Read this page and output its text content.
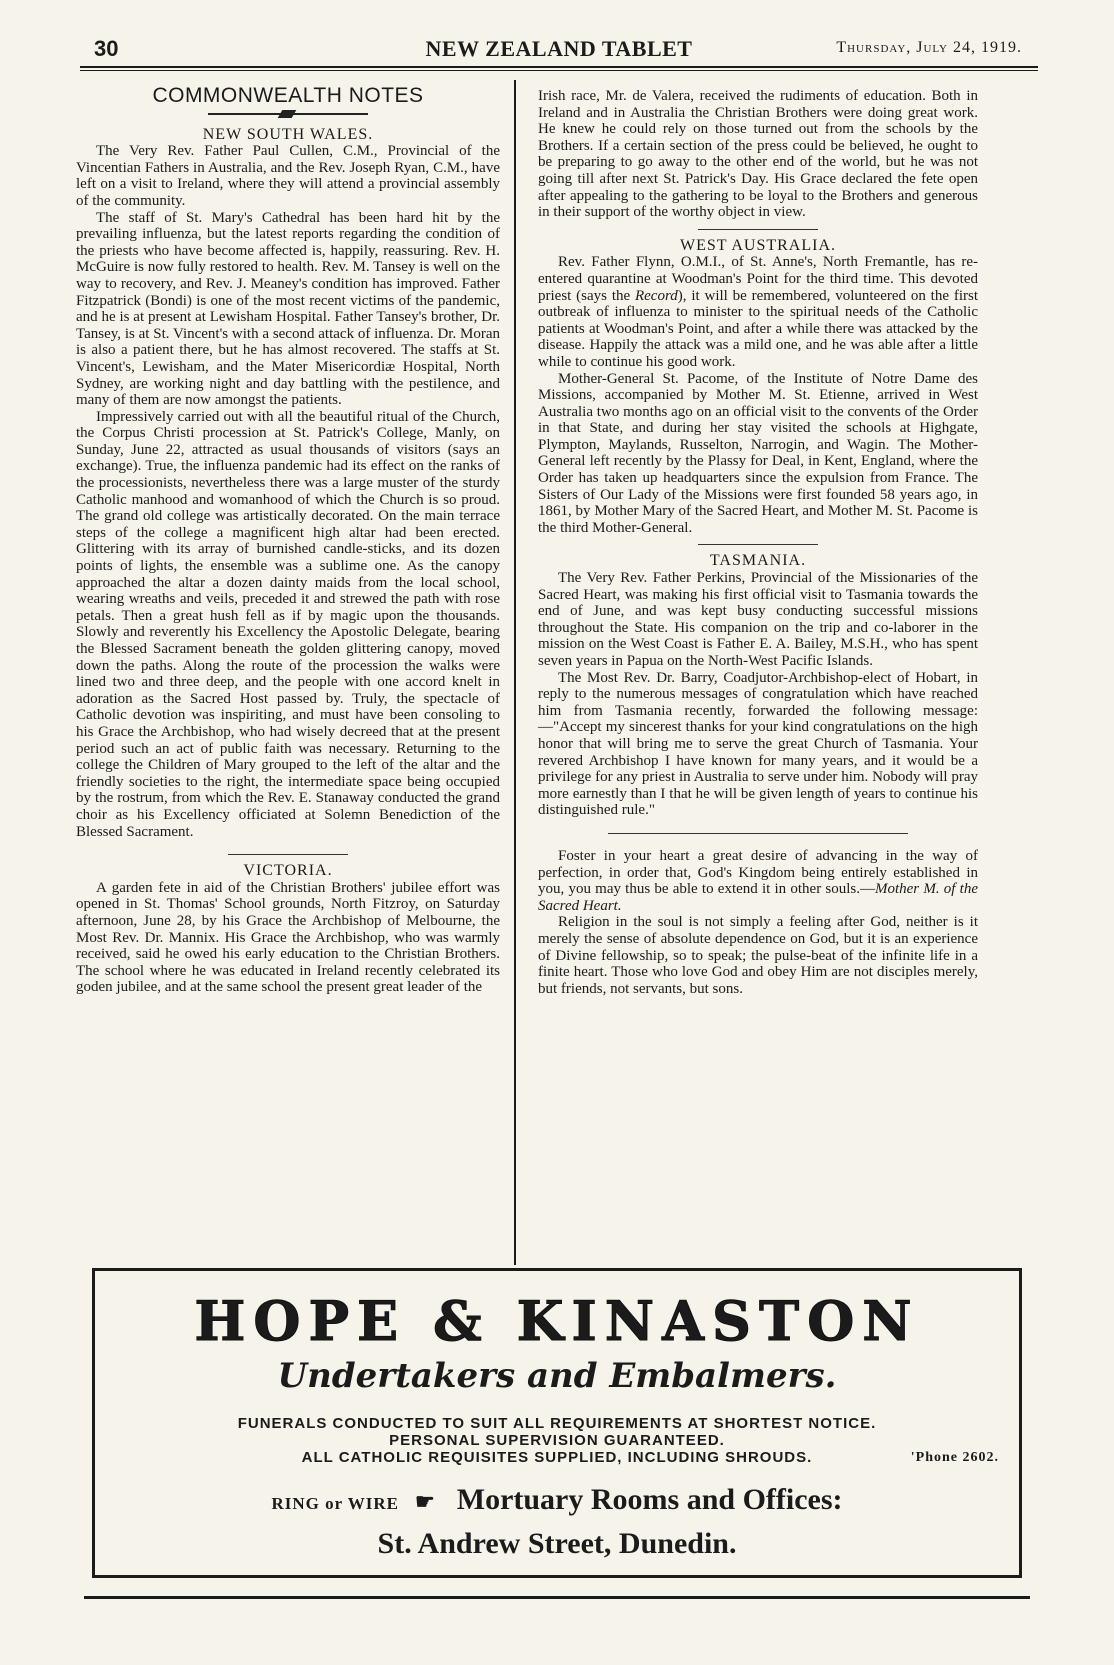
30	NEW ZEALAND TABLET	Thursday, July 24, 1919.
COMMONWEALTH NOTES
NEW SOUTH WALES.

The Very Rev. Father Paul Cullen, C.M., Provincial of the Vincentian Fathers in Australia, and the Rev. Joseph Ryan, C.M., have left on a visit to Ireland, where they will attend a provincial assembly of the community.

The staff of St. Mary's Cathedral has been hard hit by the prevailing influenza, but the latest reports regarding the condition of the priests who have become affected is, happily, reassuring. Rev. H. McGuire is now fully restored to health. Rev. M. Tansey is well on the way to recovery, and Rev. J. Meaney's condition has improved. Father Fitzpatrick (Bondi) is one of the most recent victims of the pandemic, and he is at present at Lewisham Hospital. Father Tansey's brother, Dr. Tansey, is at St. Vincent's with a second attack of influenza. Dr. Moran is also a patient there, but he has almost recovered. The staffs at St. Vincent's, Lewisham, and the Mater Misericordiæ Hospital, North Sydney, are working night and day battling with the pestilence, and many of them are now amongst the patients.

Impressively carried out with all the beautiful ritual of the Church, the Corpus Christi procession at St. Patrick's College, Manly, on Sunday, June 22, attracted as usual thousands of visitors (says an exchange). True, the influenza pandemic had its effect on the ranks of the processionists, nevertheless there was a large muster of the sturdy Catholic manhood and womanhood of which the Church is so proud. The grand old college was artistically decorated. On the main terrace steps of the college a magnificent high altar had been erected. Glittering with its array of burnished candle-sticks, and its dozen points of lights, the ensemble was a sublime one. As the canopy approached the altar a dozen dainty maids from the local school, wearing wreaths and veils, preceded it and strewed the path with rose petals. Then a great hush fell as if by magic upon the thousands. Slowly and reverently his Excellency the Apostolic Delegate, bearing the Blessed Sacrament beneath the golden glittering canopy, moved down the paths. Along the route of the procession the walks were lined two and three deep, and the people with one accord knelt in adoration as the Sacred Host passed by. Truly, the spectacle of Catholic devotion was inspiriting, and must have been consoling to his Grace the Archbishop, who had wisely decreed that at the present period such an act of public faith was necessary. Returning to the college the Children of Mary grouped to the left of the altar and the friendly societies to the right, the intermediate space being occupied by the rostrum, from which the Rev. E. Stanaway conducted the grand choir as his Excellency officiated at Solemn Benediction of the Blessed Sacrament.

VICTORIA.

A garden fete in aid of the Christian Brothers' jubilee effort was opened in St. Thomas' School grounds, North Fitzroy, on Saturday afternoon, June 28, by his Grace the Archbishop of Melbourne, the Most Rev. Dr. Mannix. His Grace the Archbishop, who was warmly received, said he owed his early education to the Christian Brothers. The school where he was educated in Ireland recently celebrated its goden jubilee, and at the same school the present great leader of the

Irish race, Mr. de Valera, received the rudiments of education. Both in Ireland and in Australia the Christian Brothers were doing great work. He knew he could rely on those turned out from the schools by the Brothers. If a certain section of the press could be believed, he ought to be preparing to go away to the other end of the world, but he was not going till after next St. Patrick's Day. His Grace declared the fete open after appealing to the gathering to be loyal to the Brothers and generous in their support of the worthy object in view.

WEST AUSTRALIA.

Rev. Father Flynn, O.M.I., of St. Anne's, North Fremantle, has re-entered quarantine at Woodman's Point for the third time. This devoted priest (says the Record), it will be remembered, volunteered on the first outbreak of influenza to minister to the spiritual needs of the Catholic patients at Woodman's Point, and after a while there was attacked by the disease. Happily the attack was a mild one, and he was able after a little while to continue his good work.

Mother-General St. Pacome, of the Institute of Notre Dame des Missions, accompanied by Mother M. St. Etienne, arrived in West Australia two months ago on an official visit to the convents of the Order in that State, and during her stay visited the schools at Highgate, Plympton, Maylands, Russelton, Narrogin, and Wagin. The Mother-General left recently by the Plassy for Deal, in Kent, England, where the Order has taken up headquarters since the expulsion from France. The Sisters of Our Lady of the Missions were first founded 58 years ago, in 1861, by Mother Mary of the Sacred Heart, and Mother M. St. Pacome is the third Mother-General.

TASMANIA.

The Very Rev. Father Perkins, Provincial of the Missionaries of the Sacred Heart, was making his first official visit to Tasmania towards the end of June, and was kept busy conducting successful missions throughout the State. His companion on the trip and co-laborer in the mission on the West Coast is Father E. A. Bailey, M.S.H., who has spent seven years in Papua on the North-West Pacific Islands.

The Most Rev. Dr. Barry, Coadjutor-Archbishop-elect of Hobart, in reply to the numerous messages of congratulation which have reached him from Tasmania recently, forwarded the following message:—"Accept my sincerest thanks for your kind congratulations on the high honor that will bring me to serve the great Church of Tasmania. Your revered Archbishop I have known for many years, and it would be a privilege for any priest in Australia to serve under him. Nobody will pray more earnestly than I that he will be given length of years to continue his distinguished rule."

Foster in your heart a great desire of advancing in the way of perfection, in order that, God's Kingdom being entirely established in you, you may thus be able to extend it in other souls.—Mother M. of the Sacred Heart.

Religion in the soul is not simply a feeling after God, neither is it merely the sense of absolute dependence on God, but it is an experience of Divine fellowship, so to speak; the pulse-beat of the infinite life in a finite heart. Those who love God and obey Him are not disciples merely, but friends, not servants, but sons.

HOPE & KINASTON
Undertakers and Embalmers.
FUNERALS CONDUCTED TO SUIT ALL REQUIREMENTS AT SHORTEST NOTICE.
PERSONAL SUPERVISION GUARANTEED.
ALL CATHOLIC REQUISITES SUPPLIED, INCLUDING SHROUDS.	'Phone 2602.
RING or WIRE ☛ Mortuary Rooms and Offices:
St. Andrew Street, Dunedin.
